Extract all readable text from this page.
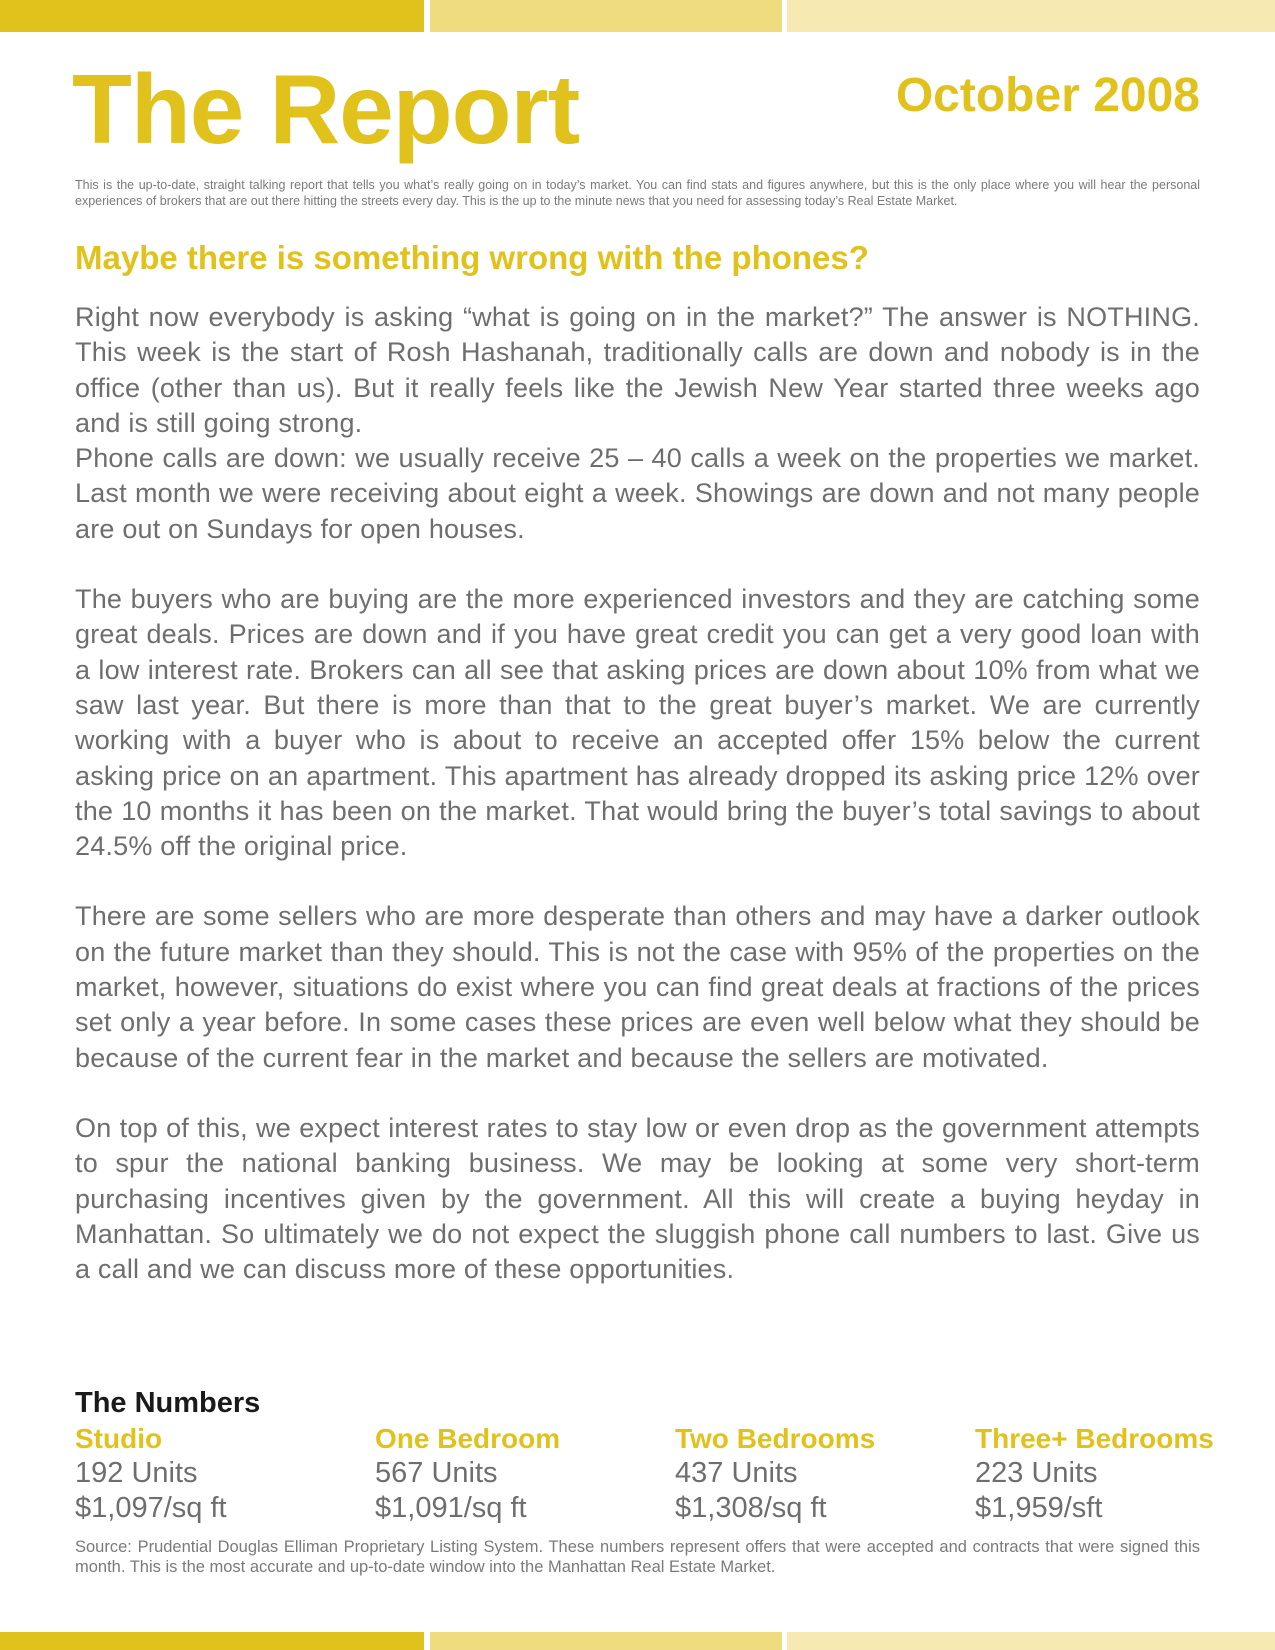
The Report	October 2008

This is the up-to-date, straight talking report that tells you what’s really going on in today’s market. You can find stats and figures anywhere, but this is the only place where you will hear the personal experiences of brokers that are out there hitting the streets every day. This is the up to the minute news that you need for assessing today’s Real Estate Market.

Maybe there is something wrong with the phones?

Right now everybody is asking “what is going on in the market?” The answer is NOTHING. This week is the start of Rosh Hashanah, traditionally calls are down and nobody is in the office (other than us). But it really feels like the Jewish New Year started three weeks ago and is still going strong.

Phone calls are down: we usually receive 25 – 40 calls a week on the properties we market. Last month we were receiving about eight a week. Showings are down and not many people are out on Sundays for open houses.

The buyers who are buying are the more experienced investors and they are catching some great deals. Prices are down and if you have great credit you can get a very good loan with a low interest rate. Brokers can all see that asking prices are down about 10% from what we saw last year. But there is more than that to the great buyer’s market. We are currently working with a buyer who is about to receive an accepted offer 15% below the current asking price on an apartment. This apartment has already dropped its asking price 12% over the 10 months it has been on the market. That would bring the buyer’s total savings to about 24.5% off the original price.

There are some sellers who are more desperate than others and may have a darker outlook on the future market than they should. This is not the case with 95% of the properties on the market, however, situations do exist where you can find great deals at fractions of the prices set only a year before. In some cases these prices are even well below what they should be because of the current fear in the market and because the sellers are motivated.

On top of this, we expect interest rates to stay low or even drop as the government attempts to spur the national banking business. We may be looking at some very short-term purchasing incentives given by the government. All this will create a buying heyday in Manhattan. So ultimately we do not expect the sluggish phone call numbers to last. Give us a call and we can discuss more of these opportunities.

The Numbers
Studio
192 Units
$1,097/sq ft
One Bedroom
567 Units
$1,091/sq ft
Two Bedrooms
437 Units
$1,308/sq ft
Three+ Bedrooms
223 Units
$1,959/sft

Source: Prudential Douglas Elliman Proprietary Listing System. These numbers represent offers that were accepted and contracts that were signed this month. This is the most accurate and up-to-date window into the Manhattan Real Estate Market.
